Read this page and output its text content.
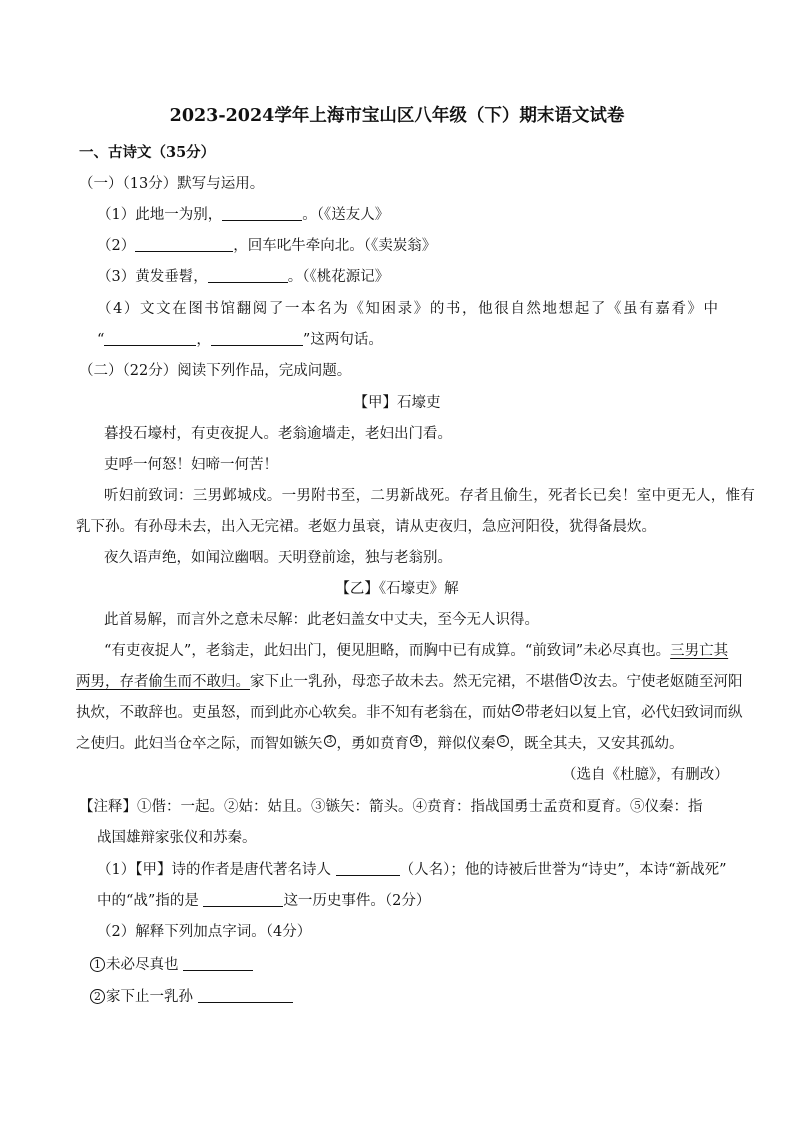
2023-2024学年上海市宝山区八年级（下）期末语文试卷
一、古诗文（35分）
（一）（13分）默写与运用。
（1）此地一为别，	。（《送友人》
（2）	，回车叱牛牵向北。（《卖炭翁》
（3）黄发垂髫，	。（《桃花源记》
（4）文文在图书馆翻阅了一本名为《知困录》的书，他很自然地想起了《虽有嘉肴》中
“	，	”这两句话。
（二）（22分）阅读下列作品，完成问题。
【甲】石壕吏
暮投石壕村，有吏夜捉人。老翁逾墙走，老妇出门看。
吏呼一何怒！妇啼一何苦！
听妇前致词：三男邺城戍。一男附书至，二男新战死。存者且偷生，死者长已矣！室中更无人，惟有
乳下孙。有孙母未去，出入无完裙。老妪力虽衰，请从吏夜归，急应河阳役，犹得备晨炊。
夜久语声绝，如闻泣幽咽。天明登前途，独与老翁别。
【乙】《石壕吏》解
此首易解，而言外之意未尽解：此老妇盖女中丈夫，至今无人识得。
“有吏夜捉人”，老翁走，此妇出门，便见胆略，而胸中已有成算。“前致词”未必尽真也。三男亡其
两男，存者偷生而不敢归。家下止一乳孙，母恋子故未去。然无完裙，不堪偕 1 汝去。宁使老妪随至河阳
执炊，不敢辞也。吏虽怒，而到此亦心软矣。非不知有老翁在，而姑 2 带老妇以复上官，必代妇致词而纵
之使归。此妇当仓卒之际，而智如镞矢 3 ，勇如贲育 4 ，辩似仪秦 5 ，既全其夫，又安其孤幼。
（选自《杜臆》，有删改）
【注释】①偕：一起。②姑：姑且。③镞矢：箭头。④贲育：指战国勇士孟贲和夏育。⑤仪秦：指
战国雄辩家张仪和苏秦。
（1）【甲】诗的作者是唐代著名诗人	（人名）；他的诗被后世誉为“诗史”，本诗“新战死”
中的“战”指的是	这一历史事件。（2分）
（2）解释下列加点字词。（4分）
1 未必尽真也
2 家下止一乳孙
